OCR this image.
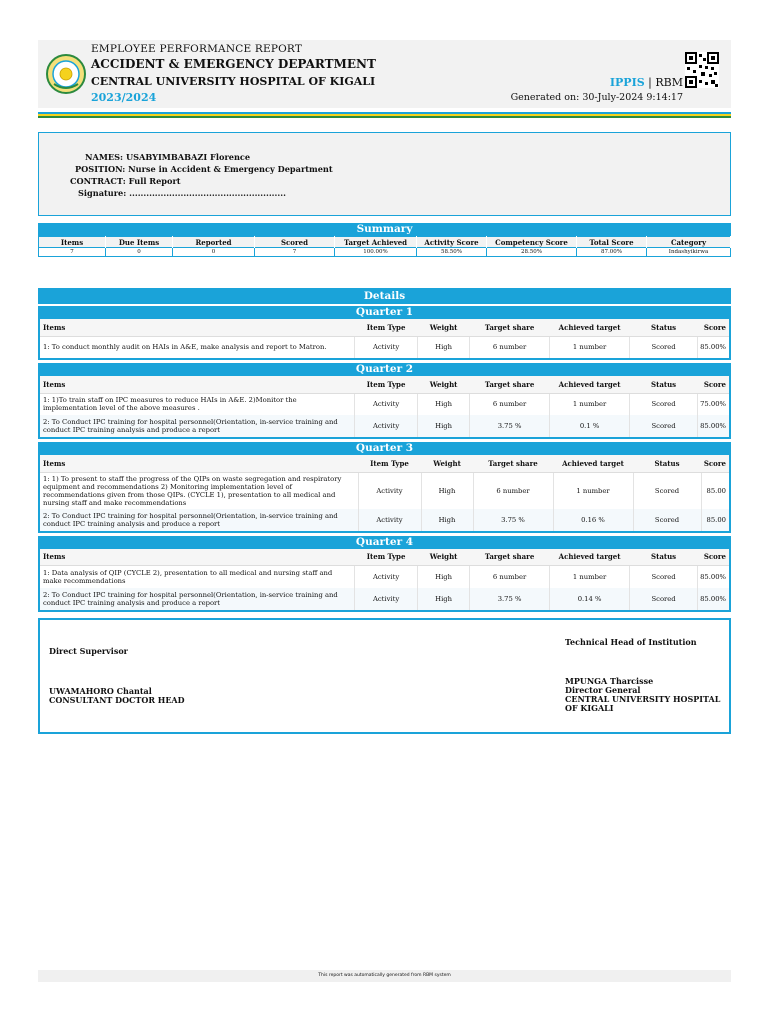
EMPLOYEE PERFORMANCE REPORT
ACCIDENT & EMERGENCY DEPARTMENT
CENTRAL UNIVERSITY HOSPITAL OF KIGALI
2023/2024
IPPIS | RBM
Generated on: 30-July-2024 9:14:17
NAMES: USABYIMBABAZI Florence
POSITION: Nurse in Accident & Emergency Department
CONTRACT: Full Report
Signature: .......................................................
Summary
Items	Due Items	Reported	Scored	Target Achieved	Activity Score	Competency Score	Total Score	Category
7	0	0	7	100.00%	58.50%	28.50%	87.00%	Indashyikirwa
Details
Quarter 1
Items	Item Type	Weight	Target share	Achieved target	Status	Score
1: To conduct monthly audit on HAIs in A&E, make analysis and report to Matron.	Activity	High	6 number	1 number	Scored	85.00%
Quarter 2
Items	Item Type	Weight	Target share	Achieved target	Status	Score
1: 1)To train staff on IPC measures to reduce HAIs in A&E. 2)Monitor the implementation level of the above measures .	Activity	High	6 number	1 number	Scored	75.00%
2: To Conduct IPC training for hospital personnel(Orientation, in-service training and conduct IPC training analysis and produce a report	Activity	High	3.75 %	0.1 %	Scored	85.00%
Quarter 3
Items	Item Type	Weight	Target share	Achieved target	Status	Score
1: 1) To present to staff the progress of the QIPs on waste segregation and respiratory equipment and recommendations 2) Monitoring implementation level of recommendations given from those QIPs. (CYCLE 1), presentation to all medical and nursing staff and make recommendations	Activity	High	6 number	1 number	Scored	85.00
2: To Conduct IPC training for hospital personnel(Orientation, in-service training and conduct IPC training analysis and produce a report	Activity	High	3.75 %	0.16 %	Scored	85.00
Quarter 4
Items	Item Type	Weight	Target share	Achieved target	Status	Score
1: Data analysis of QIP (CYCLE 2), presentation to all medical and nursing staff and make recommendations	Activity	High	6 number	1 number	Scored	85.00%
2: To Conduct IPC training for hospital personnel(Orientation, in-service training and conduct IPC training analysis and produce a report	Activity	High	3.75 %	0.14 %	Scored	85.00%
Direct Supervisor
UWAMAHORO Chantal
CONSULTANT DOCTOR HEAD
Technical Head of Institution
MPUNGA Tharcisse
Director General
CENTRAL UNIVERSITY HOSPITAL
OF KIGALI
This report was automatically generated from RBM system
